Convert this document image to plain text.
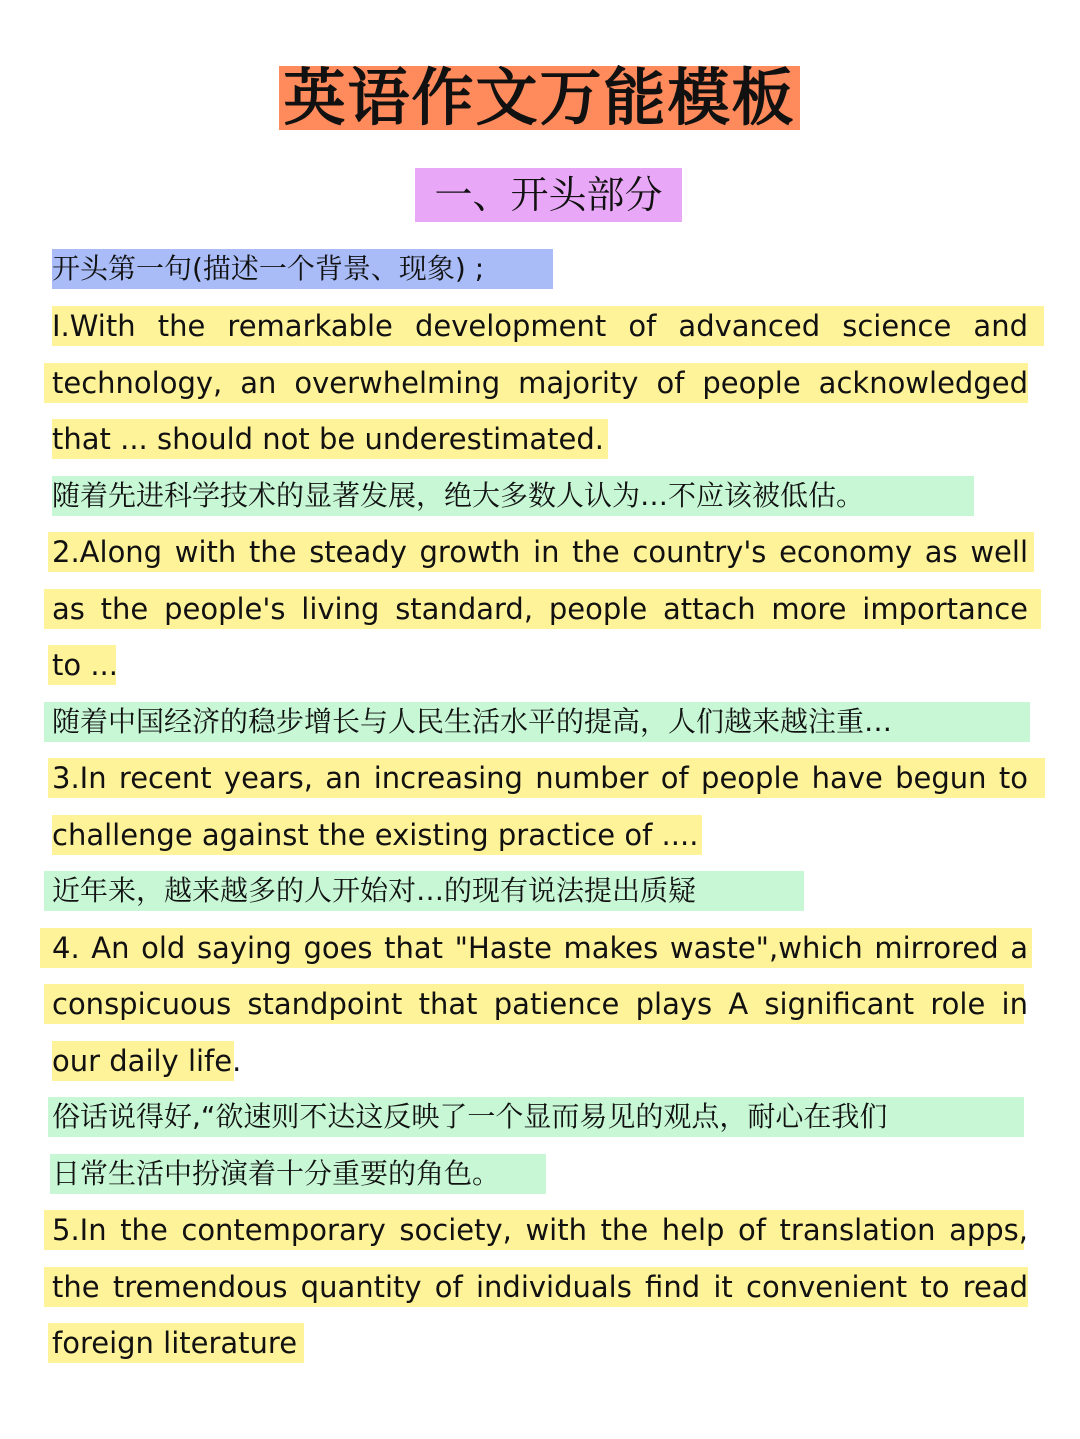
英语作文万能模板
一、开头部分
开头第一句(描述一个背景、现象) ;
I.With the remarkable development of advanced science and
technology, an overwhelming majority of people acknowledged
that ... should not be underestimated.
随着先进科学技术的显著发展，绝大多数人认为…不应该被低估。
2.Along with the steady growth in the country's economy as well
as the people's living standard, people attach more importance
to ...
随着中国经济的稳步增长与人民生活水平的提高，人们越来越注重…
3.In recent years, an increasing number of people have begun to
challenge against the existing practice of ....
近年来，越来越多的人开始对…的现有说法提出质疑
4. An old saying goes that "Haste makes waste",which mirrored a
conspicuous standpoint that patience plays A significant role in
our daily life.
俗话说得好,“欲速则不达这反映了一个显而易见的观点，耐心在我们
日常生活中扮演着十分重要的角色。
5.In the contemporary society, with the help of translation apps,
the tremendous quantity of individuals find it convenient to read
foreign literature
